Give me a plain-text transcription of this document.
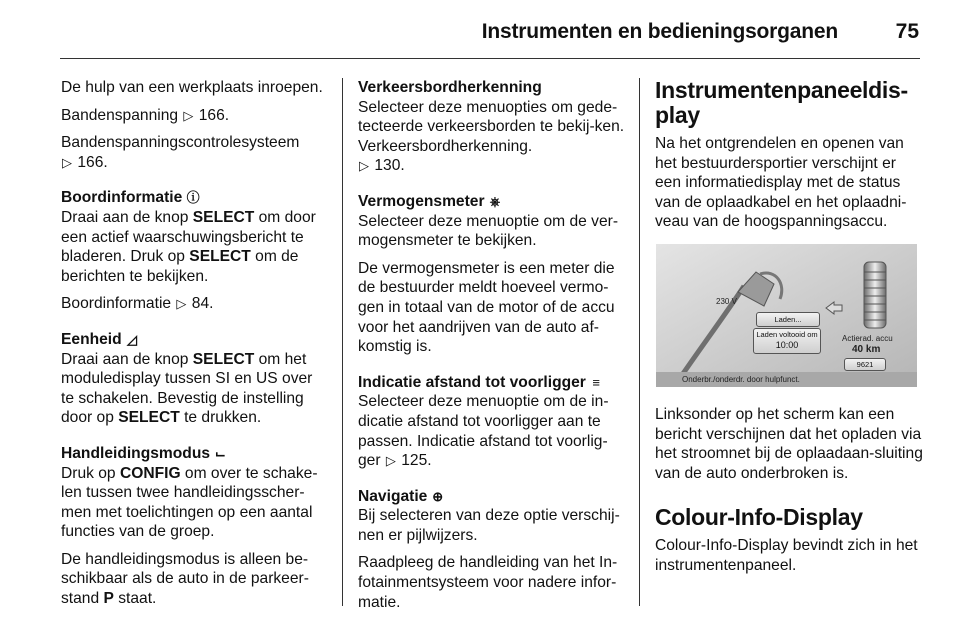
Instrumenten en bedieningsorganen	75

De hulp van een werkplaats inroepen.

Bandenspanning ▷ 166.

Bandenspanningscontrolesysteem
▷ 166.

Boordinformatie ⓘ

Draai aan de knop SELECT om door een actief waarschuwingsbericht te bladeren. Druk op SELECT om de berichten te bekijken.

Boordinformatie ▷ 84.

Eenheid ◿

Draai aan de knop SELECT om het moduledisplay tussen SI en US over te schakelen. Bevestig de instelling door op SELECT te drukken.

Handleidingsmodus ⌙

Druk op CONFIG om over te schake-len tussen twee handleidingsscher-men met toelichtingen op een aantal functies van de groep.

De handleidingsmodus is alleen be-schikbaar als de auto in de parkeer-stand P staat.

Verkeersbordherkenning

Selecteer deze menuopties om gede-tecteerde verkeersborden te bekij-ken. Verkeersbordherkenning.
▷ 130.

Vermogensmeter ⎈

Selecteer deze menuoptie om de ver-mogensmeter te bekijken.

De vermogensmeter is een meter die de bestuurder meldt hoeveel vermo-gen in totaal van de motor of de accu voor het aandrijven van de auto af-komstig is.

Indicatie afstand tot voorligger ≡

Selecteer deze menuoptie om de in-dicatie afstand tot voorligger aan te passen. Indicatie afstand tot voorlig-ger ▷ 125.

Navigatie ⊕

Bij selecteren van deze optie verschij-nen er pijlwijzers.

Raadpleeg de handleiding van het In-fotainmentsysteem voor nadere infor-matie.

Instrumentenpaneeldis-play

Na het ontgrendelen en openen van het bestuurdersportier verschijnt er een informatiedisplay met de status van de oplaadkabel en het oplaadni-veau van de hoogspanningsaccu.

230 V
Laden...
Laden voltooid om
10:00
Actierad. accu
40 km
9621
Onderbr./onderdr. door hulpfunct.

Linksonder op het scherm kan een bericht verschijnen dat het opladen via het stroomnet bij de oplaadaan-sluiting van de auto onderbroken is.

Colour-Info-Display

Colour-Info-Display bevindt zich in het instrumentenpaneel.
